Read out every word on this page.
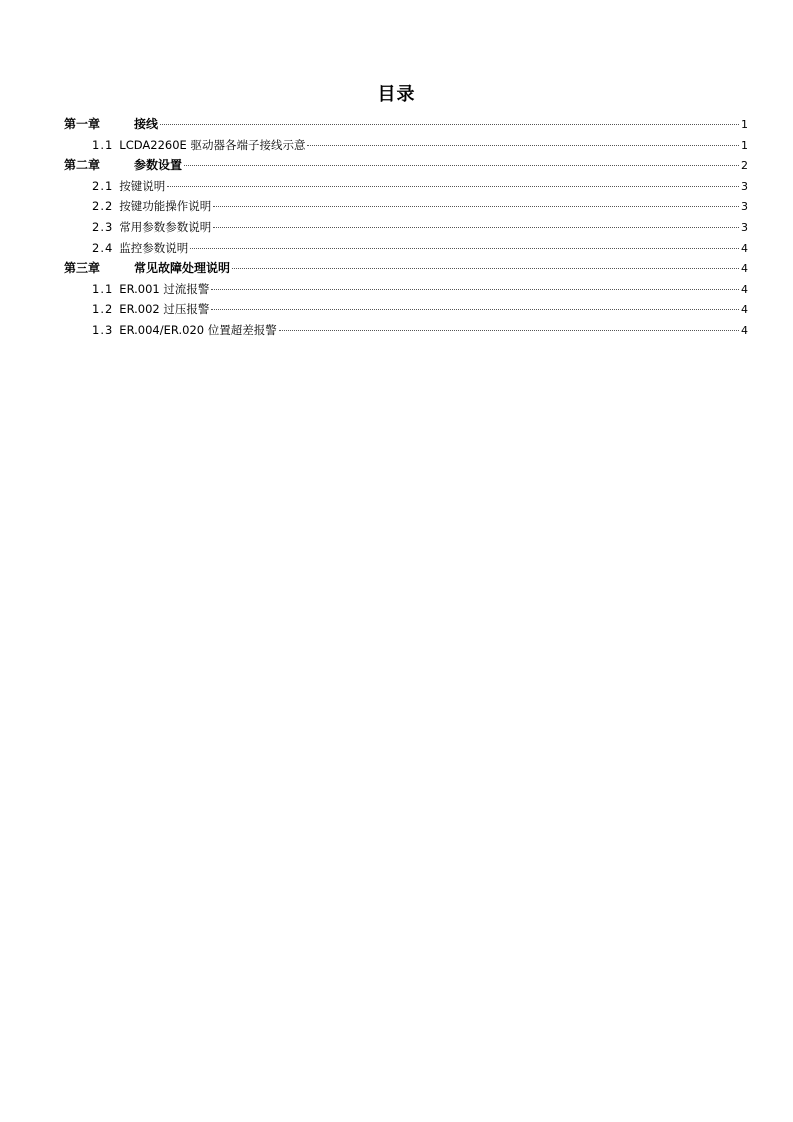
目录
第一章	接线	1
1.1 LCDA2260E 驱动器各端子接线示意	1
第二章	参数设置	2
2.1 按键说明	3
2.2 按键功能操作说明	3
2.3 常用参数参数说明	3
2.4 监控参数说明	4
第三章	常见故障处理说明	4
1.1 ER.001 过流报警	4
1.2 ER.002 过压报警	4
1.3 ER.004/ER.020 位置超差报警	4
